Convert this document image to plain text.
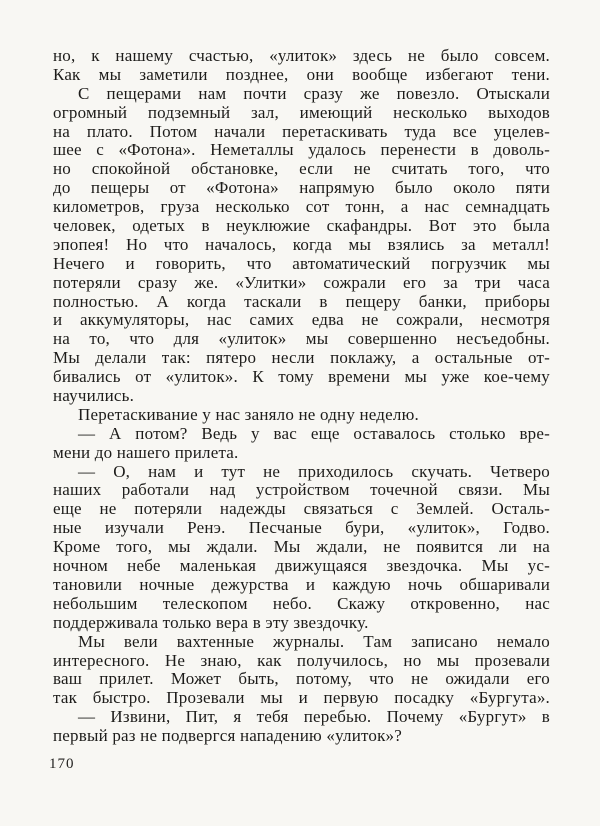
но, к нашему счастью, «улиток» здесь не было совсем.
Как мы заметили позднее, они вообще избегают тени.
С пещерами нам почти сразу же повезло. Отыскали
огромный подземный зал, имеющий несколько выходов
на плато. Потом начали перетаскивать туда все уцелев-
шее с «Фотона». Неметаллы удалось перенести в доволь-
но спокойной обстановке, если не считать того, что
до пещеры от «Фотона» напрямую было около пяти
километров, груза несколько сот тонн, а нас семнадцать
человек, одетых в неуклюжие скафандры. Вот это была
эпопея! Но что началось, когда мы взялись за металл!
Нечего и говорить, что автоматический погрузчик мы
потеряли сразу же. «Улитки» сожрали его за три часа
полностью. А когда таскали в пещеру банки, приборы
и аккумуляторы, нас самих едва не сожрали, несмотря
на то, что для «улиток» мы совершенно несъедобны.
Мы делали так: пятеро несли поклажу, а остальные от-
бивались от «улиток». К тому времени мы уже кое-чему
научились.
Перетаскивание у нас заняло не одну неделю.
— А потом? Ведь у вас еще оставалось столько вре-
мени до нашего прилета.
— О, нам и тут не приходилось скучать. Четверо
наших работали над устройством точечной связи. Мы
еще не потеряли надежды связаться с Землей. Осталь-
ные изучали Ренэ. Песчаные бури, «улиток», Годво.
Кроме того, мы ждали. Мы ждали, не появится ли на
ночном небе маленькая движущаяся звездочка. Мы ус-
тановили ночные дежурства и каждую ночь обшаривали
небольшим телескопом небо. Скажу откровенно, нас
поддерживала только вера в эту звездочку.
Мы вели вахтенные журналы. Там записано немало
интересного. Не знаю, как получилось, но мы прозевали
ваш прилет. Может быть, потому, что не ожидали его
так быстро. Прозевали мы и первую посадку «Бургута».
— Извини, Пит, я тебя перебью. Почему «Бургут» в
первый раз не подвергся нападению «улиток»?
170
